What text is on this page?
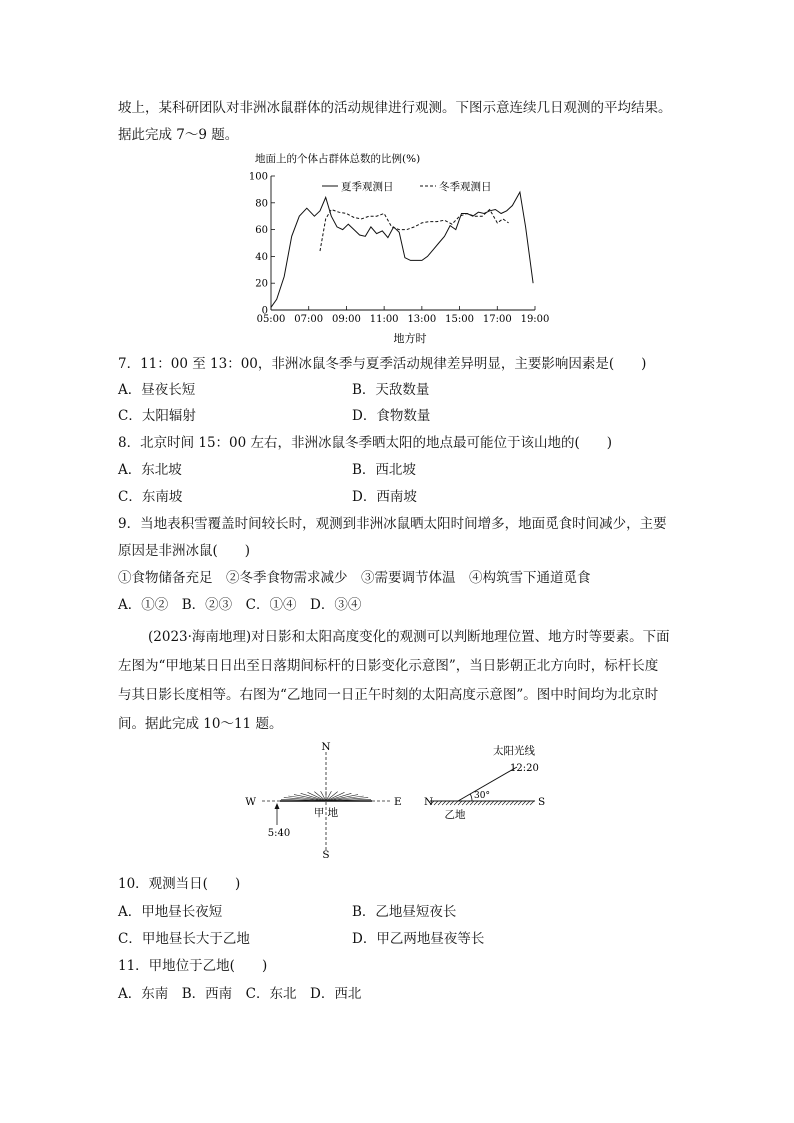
坡上，某科研团队对非洲冰鼠群体的活动规律进行观测。下图示意连续几日观测的平均结果。
据此完成 7～9 题。
地面上的个体占群体总数的比例(%)
0
20
40
60
80
100
05:00 07:00 09:00 11:00 13:00 15:00 17:00 19:00
夏季观测日	冬季观测日
地方时
7．11：00 至 13：00，非洲冰鼠冬季与夏季活动规律差异明显，主要影响因素是(　　)
A．昼夜长短	B．天敌数量
C．太阳辐射	D．食物数量
8．北京时间 15：00 左右，非洲冰鼠冬季晒太阳的地点最可能位于该山地的(　　)
A．东北坡	B．西北坡
C．东南坡	D．西南坡
9．当地表积雪覆盖时间较长时，观测到非洲冰鼠晒太阳时间增多，地面觅食时间减少，主要
原因是非洲冰鼠(　　)
①食物储备充足　②冬季食物需求减少　③需要调节体温　④构筑雪下通道觅食
A．①②　B．②③　C．①④　D．③④
(2023·海南地理)对日影和太阳高度变化的观测可以判断地理位置、地方时等要素。下面
左图为“甲地某日日出至日落期间标杆的日影变化示意图”，当日影朝正北方向时，标杆长度
与其日影长度相等。右图为“乙地同一日正午时刻的太阳高度示意图”。图中时间均为北京时
间。据此完成 10～11 题。
N
S
W	E
甲 地
5:40
N	S
太阳光线
12:20
30°
乙地
10．观测当日(　　)
A．甲地昼长夜短	B．乙地昼短夜长
C．甲地昼长大于乙地	D．甲乙两地昼夜等长
11．甲地位于乙地(　　)
A．东南　B．西南　C．东北　D．西北
